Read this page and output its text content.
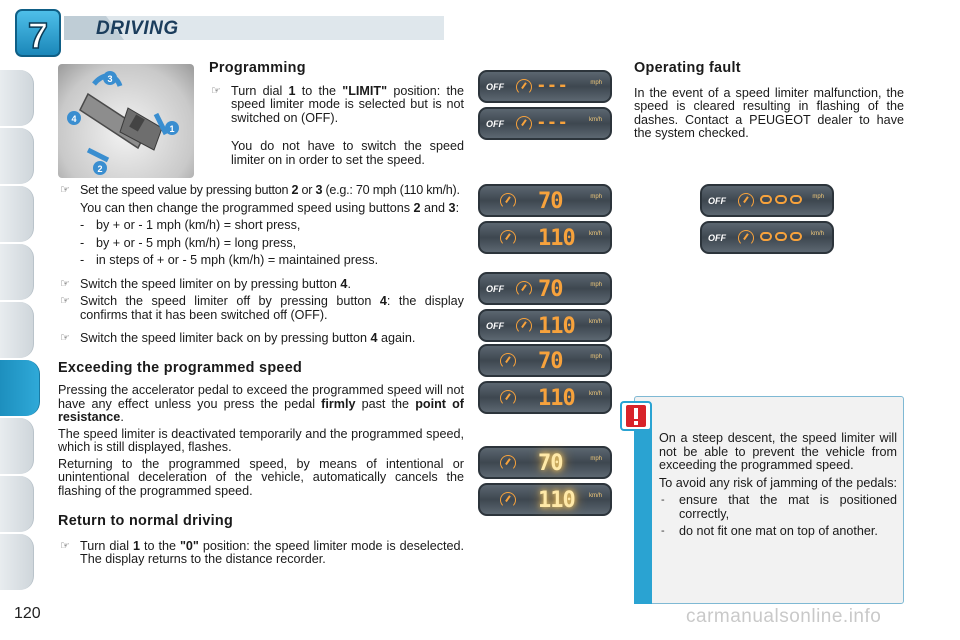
7	DRIVING
3
4
1
2
Programming
☞ Turn dial 1 to the "LIMIT" position: the speed limiter mode is selected but is not switched on (OFF).
You do not have to switch the speed limiter on in order to set the speed.
☞ Set the speed value by pressing button 2 or 3 (e.g.: 70 mph (110 km/h).
You can then change the programmed speed using buttons 2 and 3:
- by + or - 1 mph (km/h) = short press,
- by + or - 5 mph (km/h) = long press,
- in steps of + or - 5 mph (km/h) = maintained press.
☞ Switch the speed limiter on by pressing button 4.
☞ Switch the speed limiter off by pressing button 4: the display confirms that it has been switched off (OFF).
☞ Switch the speed limiter back on by pressing button 4 again.
Exceeding the programmed speed
Pressing the accelerator pedal to exceed the programmed speed will not have any effect unless you press the pedal firmly past the point of resistance.
The speed limiter is deactivated temporarily and the programmed speed, which is still displayed, flashes.
Returning to the programmed speed, by means of intentional or unintentional deceleration of the vehicle, automatically cancels the flashing of the programmed speed.
Return to normal driving
☞ Turn dial 1 to the "0" position: the speed limiter mode is deselected. The display returns to the distance recorder.
OFF ---	mph
OFF ---	km/h
70	mph
110 km/h
OFF 70	mph
OFF 110 km/h
70	mph
110 km/h
70	mph
110 km/h
OFF	mph
OFF	km/h
Operating fault
In the event of a speed limiter malfunction, the speed is cleared resulting in flashing of the dashes. Contact a PEUGEOT dealer to have the system checked.
On a steep descent, the speed limiter will not be able to prevent the vehicle from exceeding the programmed speed.
To avoid any risk of jamming of the pedals:
- ensure that the mat is positioned correctly,
- do not fit one mat on top of another.
120	carmanualsonline.info
